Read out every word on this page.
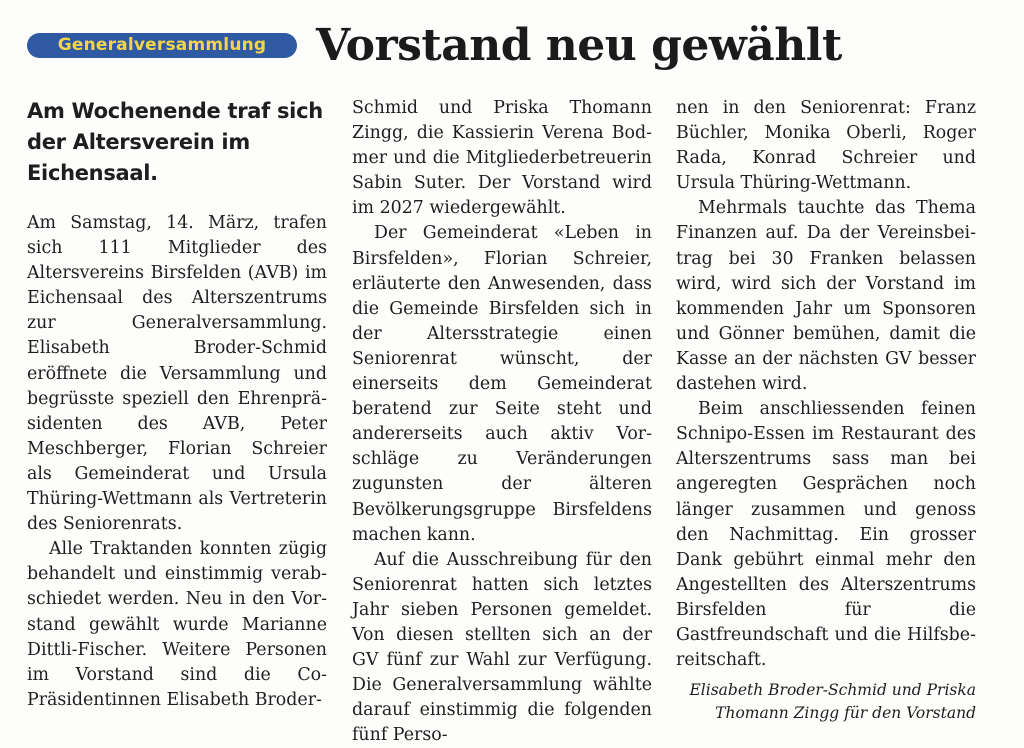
Generalversammlung	Vorstand neu gewählt

Am Wochenende traf sich der Altersverein im Eichensaal.

Am Samstag, 14. März, trafen sich 111 Mitglieder des Altersvereins Birsfelden (AVB) im Eichensaal des Alterszentrums zur Generalversammlung. Elisabeth Broder-Schmid eröffnete die Versammlung und begrüsste speziell den Ehrenpräsidenten des AVB, Peter Meschberger, Florian Schreier als Gemeinderat und Ursula Thüring-Wettmann als Vertreterin des Seniorenrats.

Alle Traktanden konnten zügig behandelt und einstimmig verabschiedet werden. Neu in den Vorstand gewählt wurde Marianne Dittli-Fischer. Weitere Personen im Vorstand sind die Co-Präsidentinnen Elisabeth Broder-

Schmid und Priska Thomann Zingg, die Kassierin Verena Bodmer und die Mitgliederbetreuerin Sabin Suter. Der Vorstand wird im 2027 wiedergewählt.

Der Gemeinderat «Leben in Birsfelden», Florian Schreier, erläuterte den Anwesenden, dass die Gemeinde Birsfelden sich in der Altersstrategie einen Seniorenrat wünscht, der einerseits dem Gemeinderat beratend zur Seite steht und andererseits auch aktiv Vorschläge zu Veränderungen zugunsten der älteren Bevölkerungsgruppe Birsfeldens machen kann.

Auf die Ausschreibung für den Seniorenrat hatten sich letztes Jahr sieben Personen gemeldet. Von diesen stellten sich an der GV fünf zur Wahl zur Verfügung. Die Generalversammlung wählte darauf einstimmig die folgenden fünf Perso-

nen in den Seniorenrat: Franz Büchler, Monika Oberli, Roger Rada, Konrad Schreier und Ursula Thüring-Wettmann.

Mehrmals tauchte das Thema Finanzen auf. Da der Vereinsbeitrag bei 30 Franken belassen wird, wird sich der Vorstand im kommenden Jahr um Sponsoren und Gönner bemühen, damit die Kasse an der nächsten GV besser dastehen wird.

Beim anschliessenden feinen Schnipo-Essen im Restaurant des Alterszentrums sass man bei angeregten Gesprächen noch länger zusammen und genoss den Nachmittag. Ein grosser Dank gebührt einmal mehr den Angestellten des Alterszentrums Birsfelden für die Gastfreundschaft und die Hilfsbereitschaft.

Elisabeth Broder-Schmid und Priska Thomann Zingg für den Vorstand
